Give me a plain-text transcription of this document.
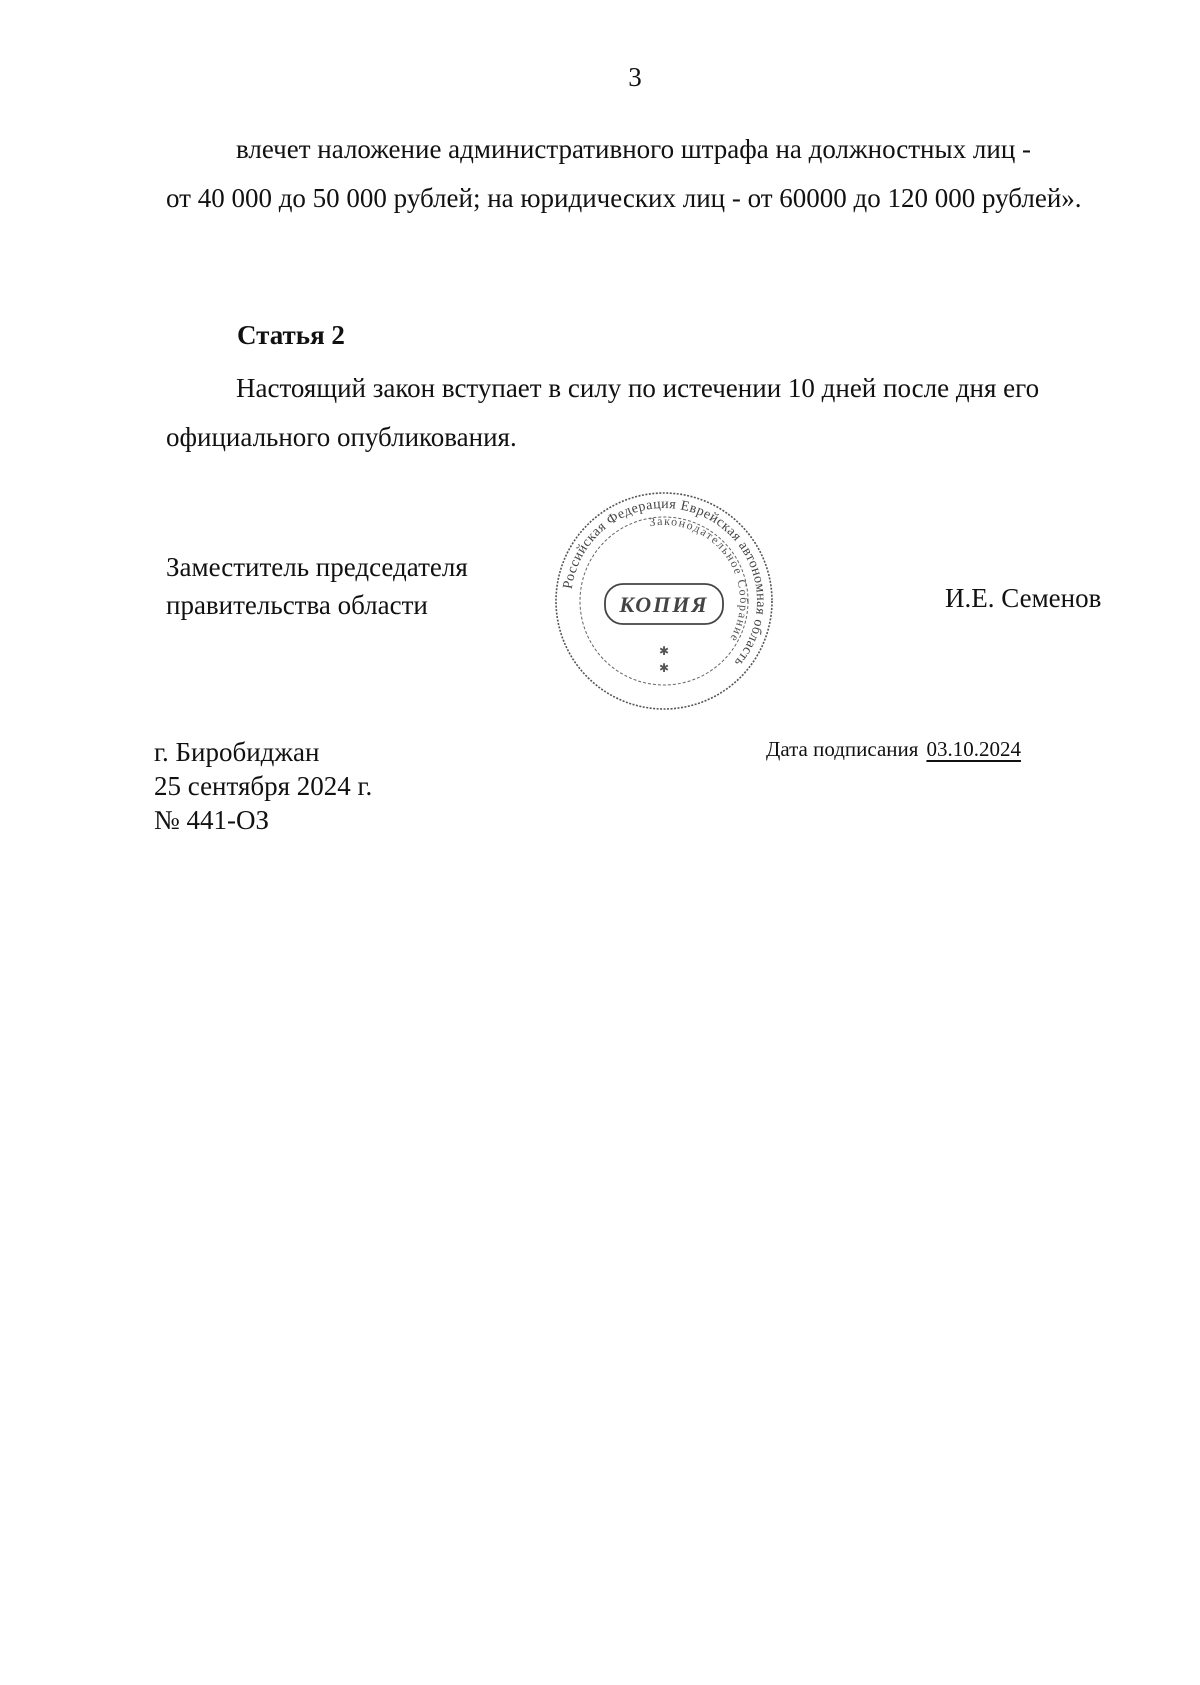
3
влечет наложение административного штрафа на должностных лиц -
от 40 000 до 50 000 рублей; на юридических лиц - от 60000 до 120 000 рублей».
Статья 2
Настоящий закон вступает в силу по истечении 10 дней после дня его
официального опубликования.
Заместитель председателя
правительства области
Российская Федерация Еврейская автономная область
Законодательное Собрание
КОПИЯ
✱
✱
И.Е. Семенов
г. Биробиджан
25 сентября 2024 г.
№ 441-ОЗ
Дата подписания 03.10.2024
